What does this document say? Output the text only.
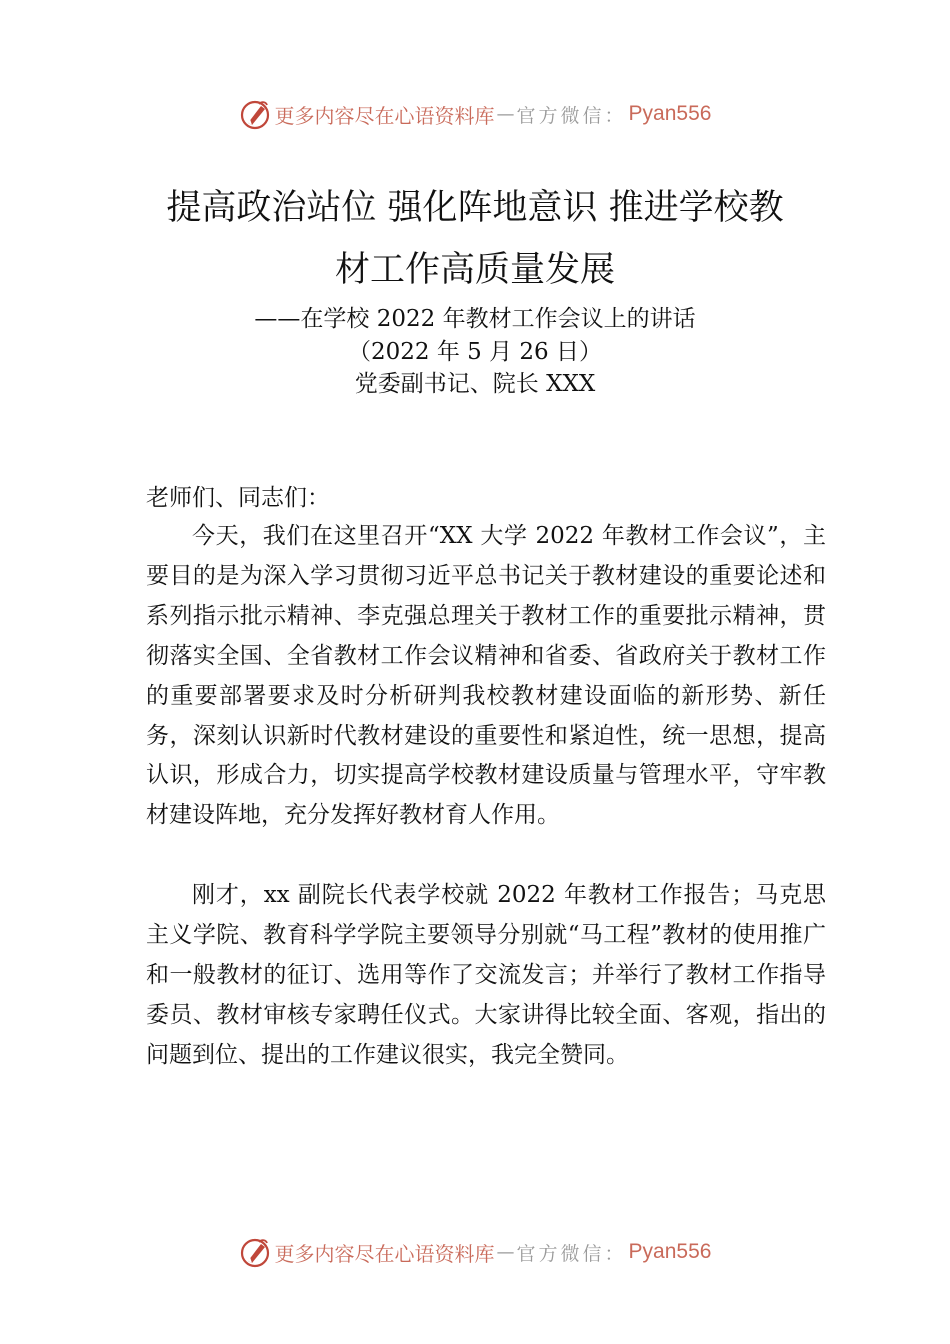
更多内容尽在心语资料库 — 官方微信： Pyan556
提高政治站位 强化阵地意识 推进学校教
材工作高质量发展
——在学校 2022 年教材工作会议上的讲话
（2022 年 5 月 26 日）
党委副书记、院长 XXX
老师们、同志们：

今天，我们在这里召开“XX 大学 2022 年教材工作会议”，主要目的是为深入学习贯彻习近平总书记关于教材建设的重要论述和系列指示批示精神、李克强总理关于教材工作的重要批示精神，贯彻落实全国、全省教材工作会议精神和省委、省政府关于教材工作的重要部署要求及时分析研判我校教材建设面临的新形势、新任务，深刻认识新时代教材建设的重要性和紧迫性，统一思想，提高认识，形成合力，切实提高学校教材建设质量与管理水平，守牢教材建设阵地，充分发挥好教材育人作用。

刚才，xx 副院长代表学校就 2022 年教材工作报告；马克思主义学院、教育科学学院主要领导分别就“马工程”教材的使用推广和一般教材的征订、选用等作了交流发言；并举行了教材工作指导委员、教材审核专家聘任仪式。大家讲得比较全面、客观，指出的问题到位、提出的工作建议很实，我完全赞同。

更多内容尽在心语资料库 — 官方微信： Pyan556
